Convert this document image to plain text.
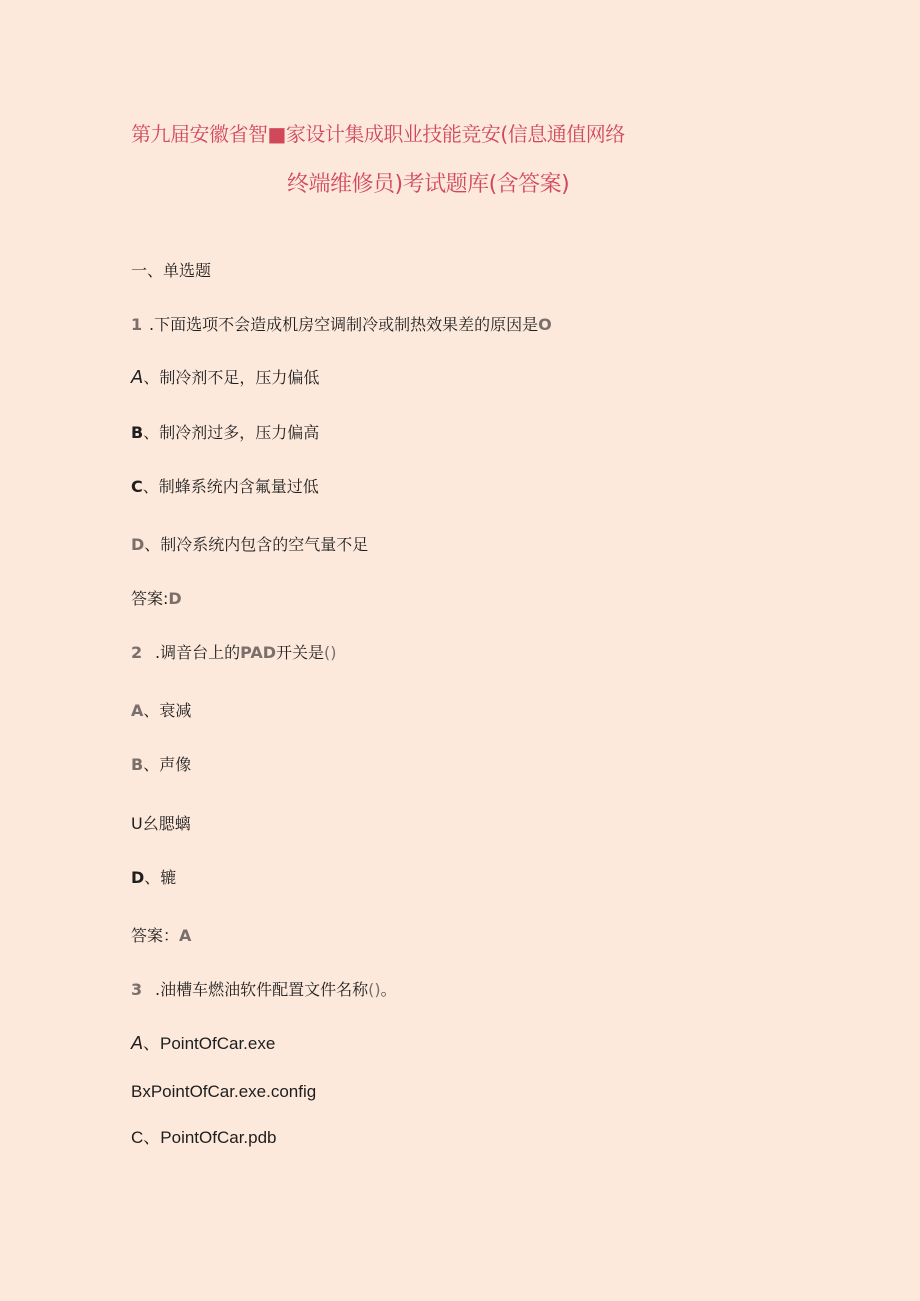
第九届安徽省智■家设计集成职业技能竞安(信息通值网络
终端维修员)考试题库(含答案)
一、单选题
1 .下面选项不会造成机房空调制冷或制热效果差的原因是O
A、制冷剂不足，压力偏低
B、制冷剂过多，压力偏高
C、制蜂系统内含氟量过低
D、制冷系统内包含的空气量不足
答案:D
2 .调音台上的PAD开关是()
A、衰减
B、声像
U幺腮螭
D、辘
答案：A
3 .油槽车燃油软件配置文件名称()。
A、PointOfCar.exe
BxPointOfCar.exe.config
C、PointOfCar.pdb
